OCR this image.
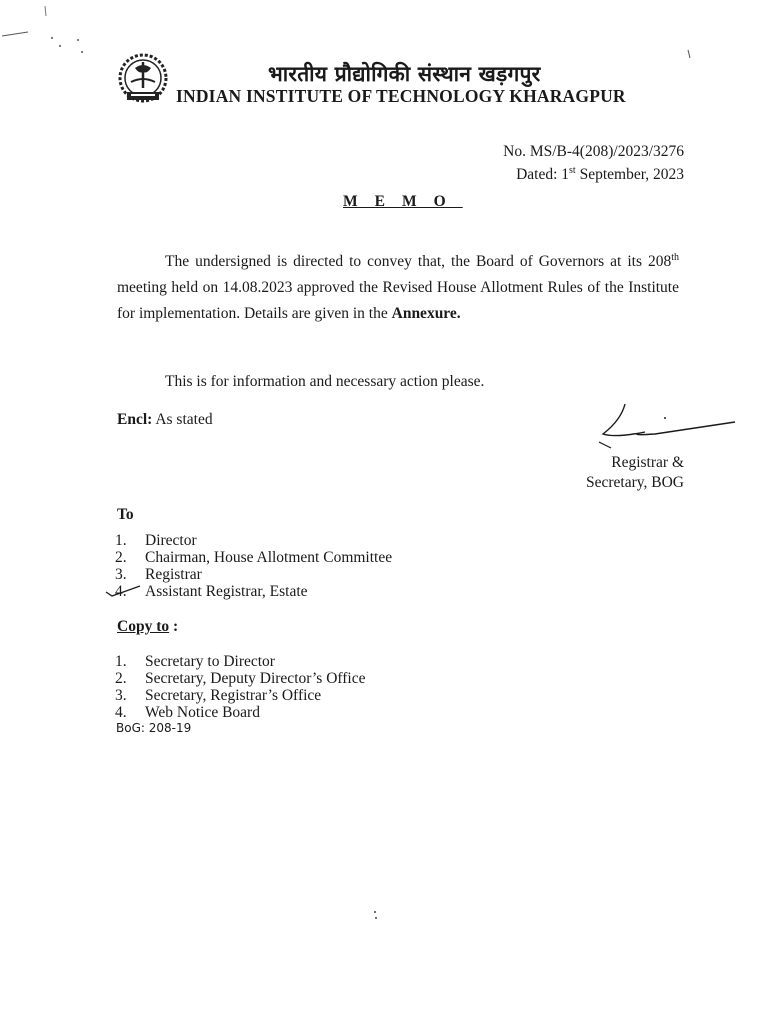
भारतीय प्रौद्योगिकी संस्थान खड़गपुर
INDIAN INSTITUTE OF TECHNOLOGY KHARAGPUR
No. MS/B-4(208)/2023/3276
Dated: 1st September, 2023
MEMO
The undersigned is directed to convey that, the Board of Governors at its 208th meeting held on 14.08.2023 approved the Revised House Allotment Rules of the Institute for implementation. Details are given in the Annexure.
This is for information and necessary action please.
Encl: As stated
Registrar &
Secretary, BOG
To
1. Director
2. Chairman, House Allotment Committee
3. Registrar
4. Assistant Registrar, Estate
Copy to :
1. Secretary to Director
2. Secretary, Deputy Director’s Office
3. Secretary, Registrar’s Office
4. Web Notice Board
BoG: 208-19
